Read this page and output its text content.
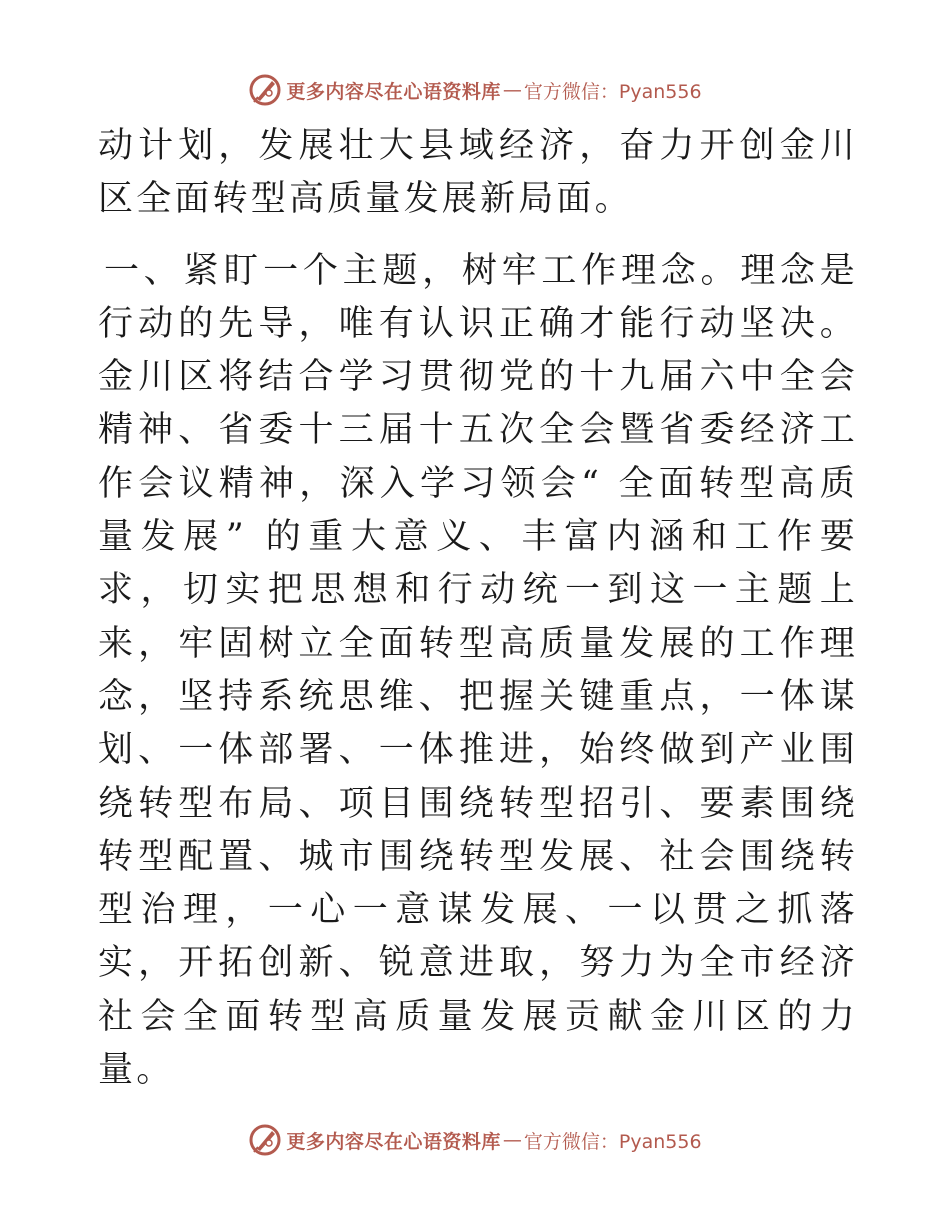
更多内容尽在心语资料库 — 官方微信：Pyan556

动计划，发展壮大县域经济，奋力开创金川区全面转型高质量发展新局面。

一、紧盯一个主题，树牢工作理念。理念是行动的先导，唯有认识正确才能行动坚决。金川区将结合学习贯彻党的十九届六中全会精神、省委十三届十五次全会暨省委经济工作会议精神，深入学习领会“ 全面转型高质量发展” 的重大意义、丰富内涵和工作要求，切实把思想和行动统一到这一主题上来，牢固树立全面转型高质量发展的工作理念，坚持系统思维、把握关键重点，一体谋划、一体部署、一体推进，始终做到产业围绕转型布局、项目围绕转型招引、要素围绕转型配置、城市围绕转型发展、社会围绕转型治理，一心一意谋发展、一以贯之抓落实，开拓创新、锐意进取，努力为全市经济社会全面转型高质量发展贡献金川区的力量。

更多内容尽在心语资料库 — 官方微信：Pyan556
